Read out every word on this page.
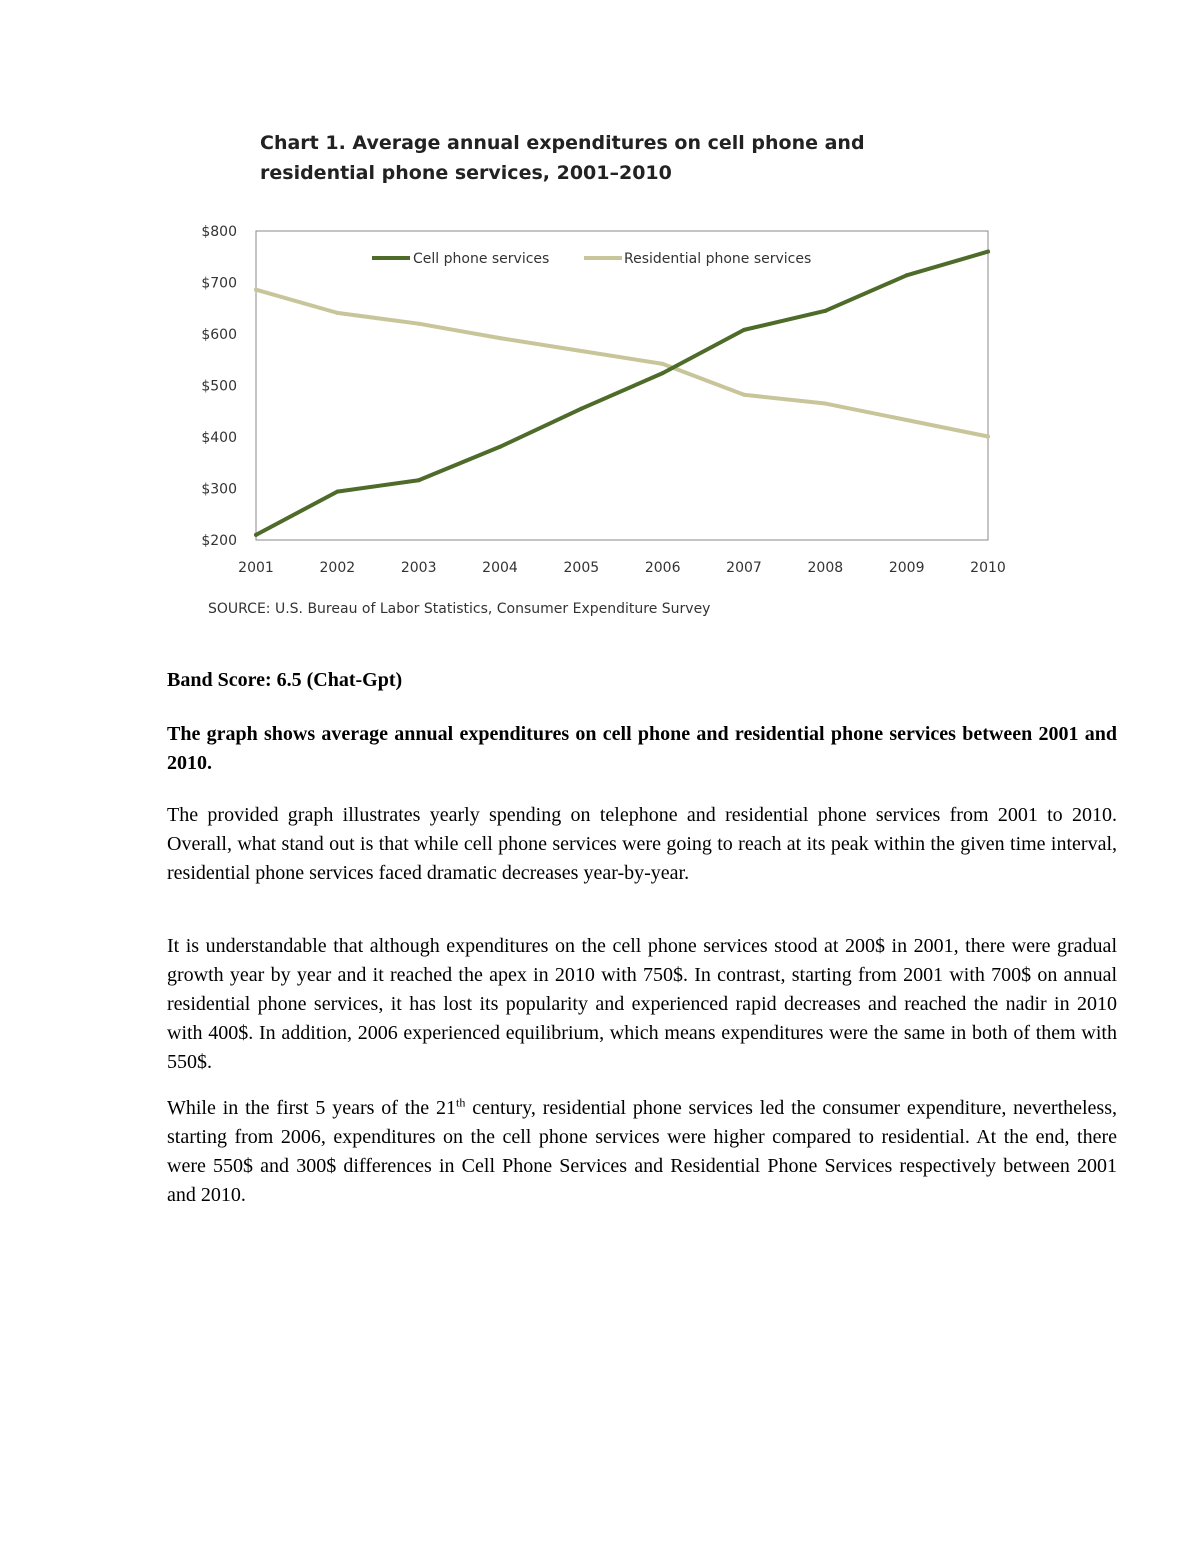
Chart 1. Average annual expenditures on cell phone and residential phone services, 2001–2010
$800
$700
$600
$500
$400
$300
$200
2001	2002	2003	2004	2005	2006	2007	2008	2009	2010
Cell phone services	Residential phone services
SOURCE: U.S. Bureau of Labor Statistics, Consumer Expenditure Survey
Band Score: 6.5 (Chat-Gpt)
The graph shows average annual expenditures on cell phone and residential phone services between 2001 and 2010.

The provided graph illustrates yearly spending on telephone and residential phone services from 2001 to 2010. Overall, what stand out is that while cell phone services were going to reach at its peak within the given time interval, residential phone services faced dramatic decreases year-by-year.

It is understandable that although expenditures on the cell phone services stood at 200$ in 2001, there were gradual growth year by year and it reached the apex in 2010 with 750$. In contrast, starting from 2001 with 700$ on annual residential phone services, it has lost its popularity and experienced rapid decreases and reached the nadir in 2010 with 400$. In addition, 2006 experienced equilibrium, which means expenditures were the same in both of them with 550$.

While in the first 5 years of the 21th century, residential phone services led the consumer expenditure, nevertheless, starting from 2006, expenditures on the cell phone services were higher compared to residential. At the end, there were 550$ and 300$ differences in Cell Phone Services and Residential Phone Services respectively between 2001 and 2010.
